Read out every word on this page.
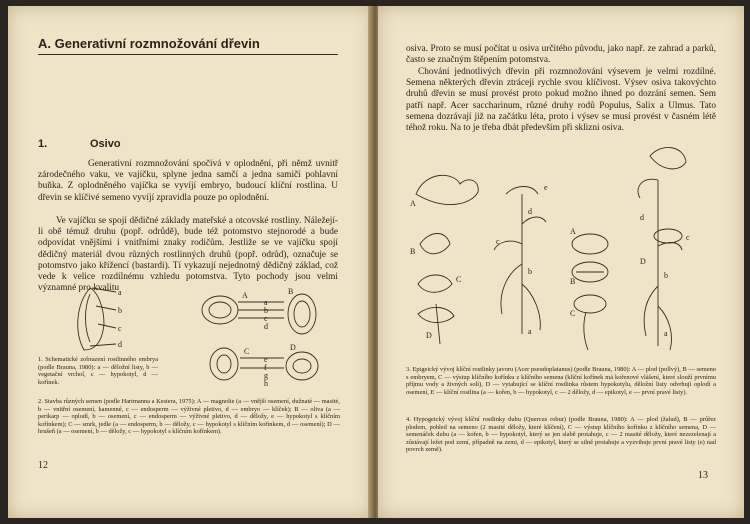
A. Generativní rozmnožování dřevin
1.	Osivo
Generativní rozmnožování spočívá v oplodnění, při němž uvnitř zárodečného vaku, ve vajíčku, splyne jedna samčí a jedna samičí pohlavní buňka. Z oplodněného vajíčka se vyvíjí embryo, budoucí klíční rostlina. U dřevin se klíčivé semeno vyvíjí zpravidla pouze po oplodnění.
Ve vajíčku se spojí dědičné základy mateřské a otcovské rostliny. Náležejí-li obě témuž druhu (popř. odrůdě), bude též potomstvo stejnorodé a bude odpovídat vnějšími i vnitřními znaky rodičům. Jestliže se ve vajíčku spojí dědičný materiál dvou různých rostlinných druhů (popř. odrůd), označuje se potomstvo jako křížencí (bastardi). Tí vykazují nejednotný dědičný základ, což vede k velice rozdílnému vzhledu potomstva. Tyto pochody jsou velmi významné pro kvalitu
a
b
c
d
A	B
C	D
a
b
c
d
e
f
g
h
1. Schematické zobrazení rostlinného embrya (podle Brauna, 1980): a — děložní listy, b — vegetační vrchol, c — hypokotyl, d — kořínek.
2. Stavba různých semen (podle Hartmanna a Kestera, 1975): A — magnolie (a — vnější osemení, dužnaté — masité, b — vnitřní osemení, kamenné, c — endosperm — výživné pletivo, d — embryo — klíček); B — oliva (a — perikarp — oplodí, b — osemení, c — endosperm — výživné pletivo, d — děložy, e — hypokotyl s klíčním kořínkem); C — smrk, jedle (a — endosperm, b — děložy, c — hypokotyl s klíčním kořínkem, d — osemení); D — hrušeň (a — osemení, b — děložy, c — hypokotyl s klíčním kořínkem).
12
osiva. Proto se musí počítat u osiva určitého původu, jako např. ze zahrad a parků, často se značným štěpením potomstva.
Chování jednotlivých dřevin při rozmnožování výsevem je velmi rozdílné. Semena některých dřevin ztrácejí rychle svou klíčivost. Výsev osiva takovýchto druhů dřevin se musí provést proto pokud možno ihned po dozrání semen. Sem patří např. Acer saccharinum, různé druhy rodů Populus, Salix a Ulmus. Tato semena dozrávají již na začátku léta, proto i výsev se musí provést v časném létě téhož roku. Na to je třeba dbát především při sklizni osiva.
A
B
C
D	a
b
c
d
e
A
B
C
D
a
b
c
d
3. Epigeický vývoj klíční rostlinky javoru (Acer pseudoplatanus) (podle Brauna, 1980): A — plod (pollvý), B — semeno s embryem, C — výstup klíčního kořínku z klíčního semena (klíční kořínek má kořenové vlášení, které slouží prvnímu příjmu vody a živných solí), D — vytahující se klíční rostlinka růstem hypokotylu, děložní listy odvrhují oplodí a osemení, E — klíční rostlina (a — kořen, b — hypokotyl, c — 2 děložy, d — epikotyl, e — první pravé listy).
4. Hypogeický vývoj klíční rostlinky dubu (Quercus robur) (podle Brauna, 1980): A — plod (žalud), B — průřez plodem, pohled na semeno (2 masité děložy, které klíčení), C — výstup klíčního kořínku z klíčního semena, D — semenáček dubu (a — kořen, b — hypokotyl, který se jen slabě protahuje, c — 2 masité děložy, které nezezelenají a zůstávají ležet pod zemí, případně na zemi, d — epikotyl, který se silně protahuje a vyzvihuje první pravé listy (e) nad povrch země).
13
